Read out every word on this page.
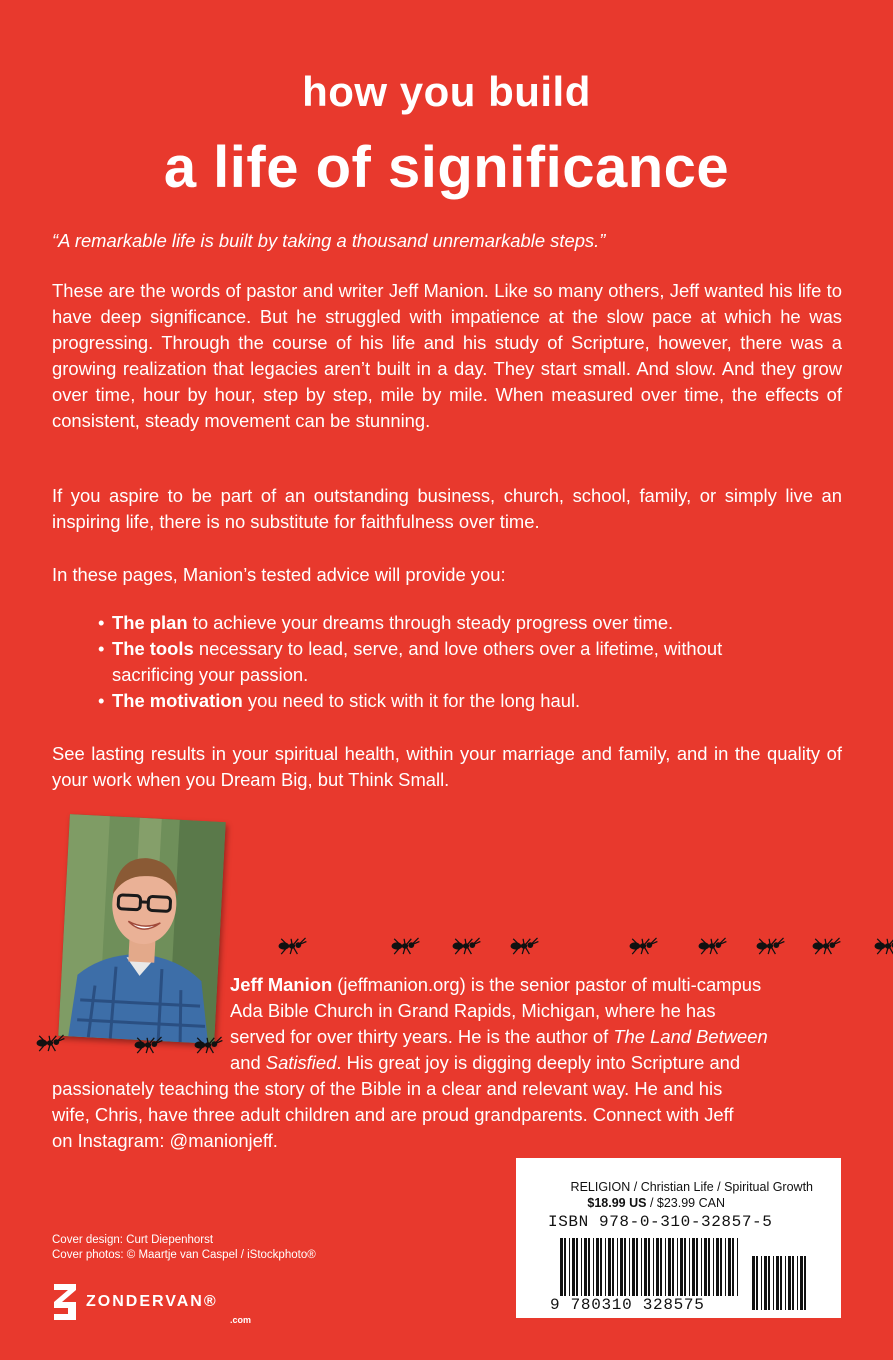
how you build
a life of significance
“A remarkable life is built by taking a thousand unremarkable steps.”
These are the words of pastor and writer Jeff Manion. Like so many others, Jeff wanted his life to have deep significance. But he struggled with impatience at the slow pace at which he was progressing. Through the course of his life and his study of Scripture, however, there was a growing realization that legacies aren’t built in a day. They start small. And slow. And they grow over time, hour by hour, step by step, mile by mile. When measured over time, the effects of consistent, steady movement can be stunning.
If you aspire to be part of an outstanding business, church, school, family, or simply live an inspiring life, there is no substitute for faithfulness over time.
In these pages, Manion’s tested advice will provide you:
• The plan to achieve your dreams through steady progress over time.
• The tools necessary to lead, serve, and love others over a lifetime, without sacrificing your passion.
• The motivation you need to stick with it for the long haul.
See lasting results in your spiritual health, within your marriage and family, and in the quality of your work when you Dream Big, but Think Small.
Jeff Manion (jeffmanion.org) is the senior pastor of multi-campus
Ada Bible Church in Grand Rapids, Michigan, where he has
served for over thirty years. He is the author of The Land Between
and Satisfied. His great joy is digging deeply into Scripture and
passionately teaching the story of the Bible in a clear and relevant way. He and his
wife, Chris, have three adult children and are proud grandparents. Connect with Jeff
on Instagram: @manionjeff.
Cover design: Curt Diepenhorst
Cover photos: © Maartje van Caspel / iStockphoto®
ZONDERVAN®
.com
RELIGION / Christian Life / Spiritual Growth
$18.99 US / $23.99 CAN
ISBN 978-0-310-32857-5
9 780310 328575
